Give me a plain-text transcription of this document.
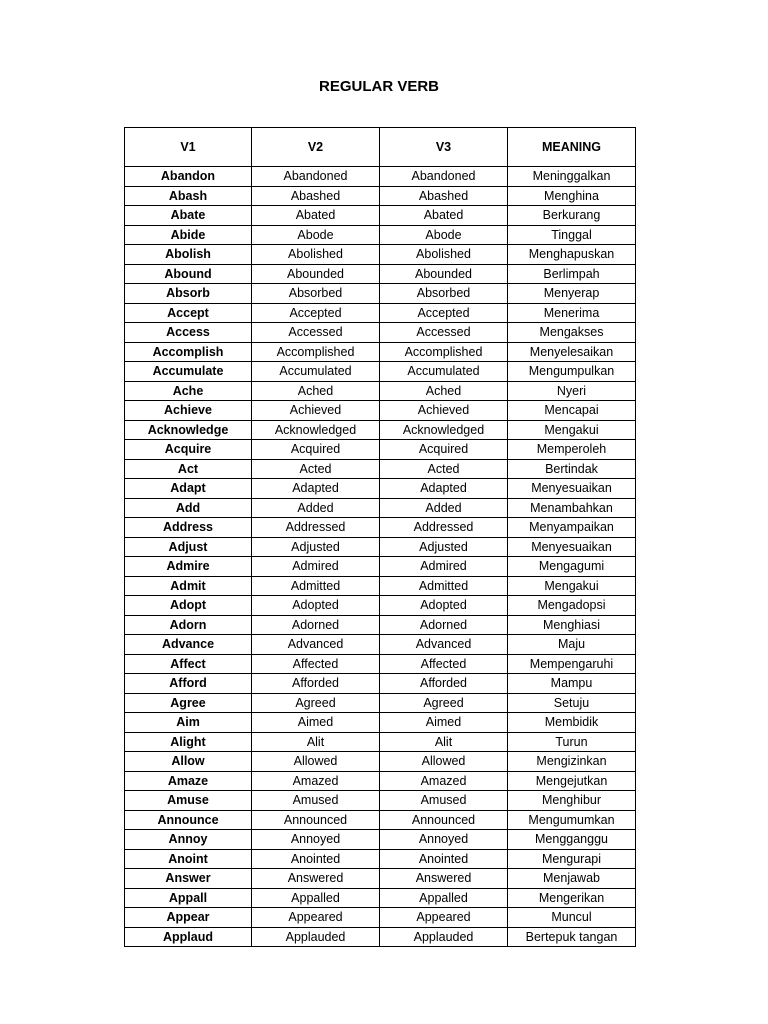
REGULAR VERB
V1	V2	V3	MEANING
Abandon	Abandoned	Abandoned	Meninggalkan
Abash	Abashed	Abashed	Menghina
Abate	Abated	Abated	Berkurang
Abide	Abode	Abode	Tinggal
Abolish	Abolished	Abolished	Menghapuskan
Abound	Abounded	Abounded	Berlimpah
Absorb	Absorbed	Absorbed	Menyerap
Accept	Accepted	Accepted	Menerima
Access	Accessed	Accessed	Mengakses
Accomplish	Accomplished	Accomplished	Menyelesaikan
Accumulate	Accumulated	Accumulated	Mengumpulkan
Ache	Ached	Ached	Nyeri
Achieve	Achieved	Achieved	Mencapai
Acknowledge	Acknowledged	Acknowledged	Mengakui
Acquire	Acquired	Acquired	Memperoleh
Act	Acted	Acted	Bertindak
Adapt	Adapted	Adapted	Menyesuaikan
Add	Added	Added	Menambahkan
Address	Addressed	Addressed	Menyampaikan
Adjust	Adjusted	Adjusted	Menyesuaikan
Admire	Admired	Admired	Mengagumi
Admit	Admitted	Admitted	Mengakui
Adopt	Adopted	Adopted	Mengadopsi
Adorn	Adorned	Adorned	Menghiasi
Advance	Advanced	Advanced	Maju
Affect	Affected	Affected	Mempengaruhi
Afford	Afforded	Afforded	Mampu
Agree	Agreed	Agreed	Setuju
Aim	Aimed	Aimed	Membidik
Alight	Alit	Alit	Turun
Allow	Allowed	Allowed	Mengizinkan
Amaze	Amazed	Amazed	Mengejutkan
Amuse	Amused	Amused	Menghibur
Announce	Announced	Announced	Mengumumkan
Annoy	Annoyed	Annoyed	Mengganggu
Anoint	Anointed	Anointed	Mengurapi
Answer	Answered	Answered	Menjawab
Appall	Appalled	Appalled	Mengerikan
Appear	Appeared	Appeared	Muncul
Applaud	Applauded	Applauded	Bertepuk tangan
